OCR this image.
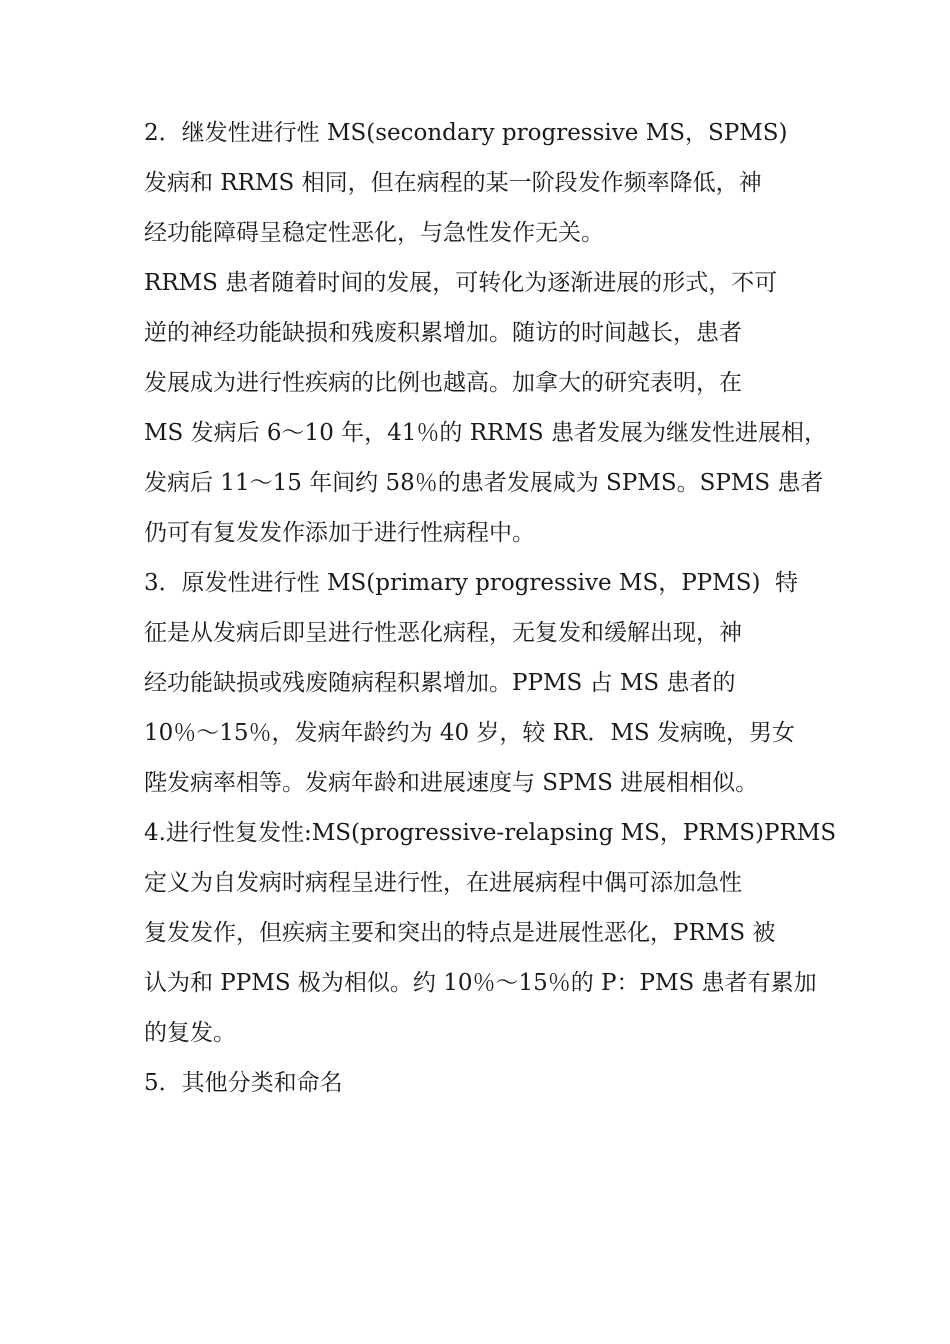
2．继发性进行性 MS(secondary progressive MS，SPMS)
发病和 RRMS 相同，但在病程的某一阶段发作频率降低，神
经功能障碍呈稳定性恶化，与急性发作无关。
RRMS 患者随着时间的发展，可转化为逐渐进展的形式，不可
逆的神经功能缺损和残废积累增加。随访的时间越长，患者
发展成为进行性疾病的比例也越高。加拿大的研究表明，在
MS 发病后 6～10 年，41％的 RRMS 患者发展为继发性进展相，
发病后 11～15 年间约 58％的患者发展咸为 SPMS。SPMS 患者
仍可有复发发作添加于进行性病程中。
3．原发性进行性 MS(primary progressive MS，PPMS)  特
征是从发病后即呈进行性恶化病程，无复发和缓解出现，神
经功能缺损或残废随病程积累增加。PPMS 占 MS 患者的
10％～15％，发病年龄约为 40 岁，较 RR．MS 发病晚，男女
陛发病率相等。发病年龄和进展速度与 SPMS 进展相相似。
4.进行性复发性:MS(progressive-relapsing MS，PRMS)PRMS
定义为自发病时病程呈进行性，在进展病程中偶可添加急性
复发发作，但疾病主要和突出的特点是进展性恶化，PRMS 被
认为和 PPMS 极为相似。约 10％～15％的 P：PMS 患者有累加
的复发。
5．其他分类和命名
